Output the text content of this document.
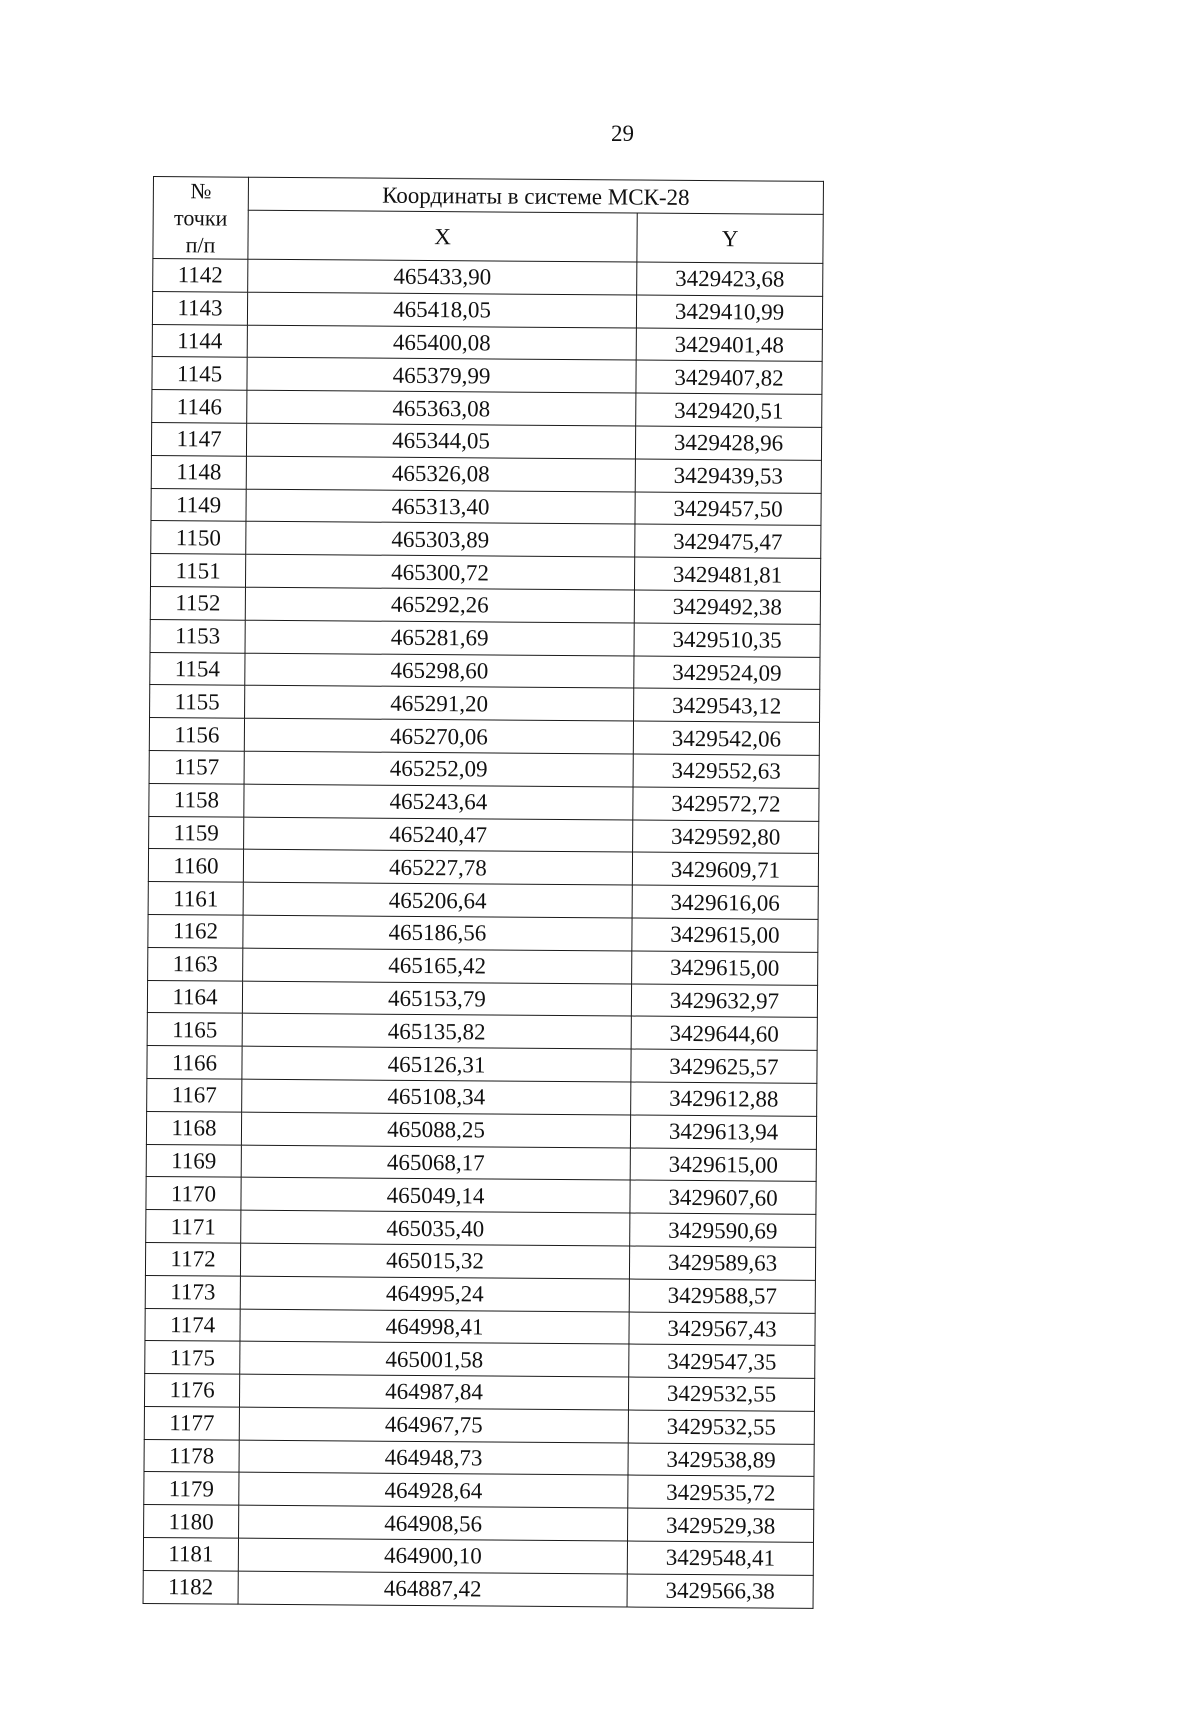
29
№
точки
п/п	Координаты в системе МСК-28	
	X	Y
1142	465433,90	3429423,68
1143	465418,05	3429410,99
1144	465400,08	3429401,48
1145	465379,99	3429407,82
1146	465363,08	3429420,51
1147	465344,05	3429428,96
1148	465326,08	3429439,53
1149	465313,40	3429457,50
1150	465303,89	3429475,47
1151	465300,72	3429481,81
1152	465292,26	3429492,38
1153	465281,69	3429510,35
1154	465298,60	3429524,09
1155	465291,20	3429543,12
1156	465270,06	3429542,06
1157	465252,09	3429552,63
1158	465243,64	3429572,72
1159	465240,47	3429592,80
1160	465227,78	3429609,71
1161	465206,64	3429616,06
1162	465186,56	3429615,00
1163	465165,42	3429615,00
1164	465153,79	3429632,97
1165	465135,82	3429644,60
1166	465126,31	3429625,57
1167	465108,34	3429612,88
1168	465088,25	3429613,94
1169	465068,17	3429615,00
1170	465049,14	3429607,60
1171	465035,40	3429590,69
1172	465015,32	3429589,63
1173	464995,24	3429588,57
1174	464998,41	3429567,43
1175	465001,58	3429547,35
1176	464987,84	3429532,55
1177	464967,75	3429532,55
1178	464948,73	3429538,89
1179	464928,64	3429535,72
1180	464908,56	3429529,38
1181	464900,10	3429548,41
1182	464887,42	3429566,38
